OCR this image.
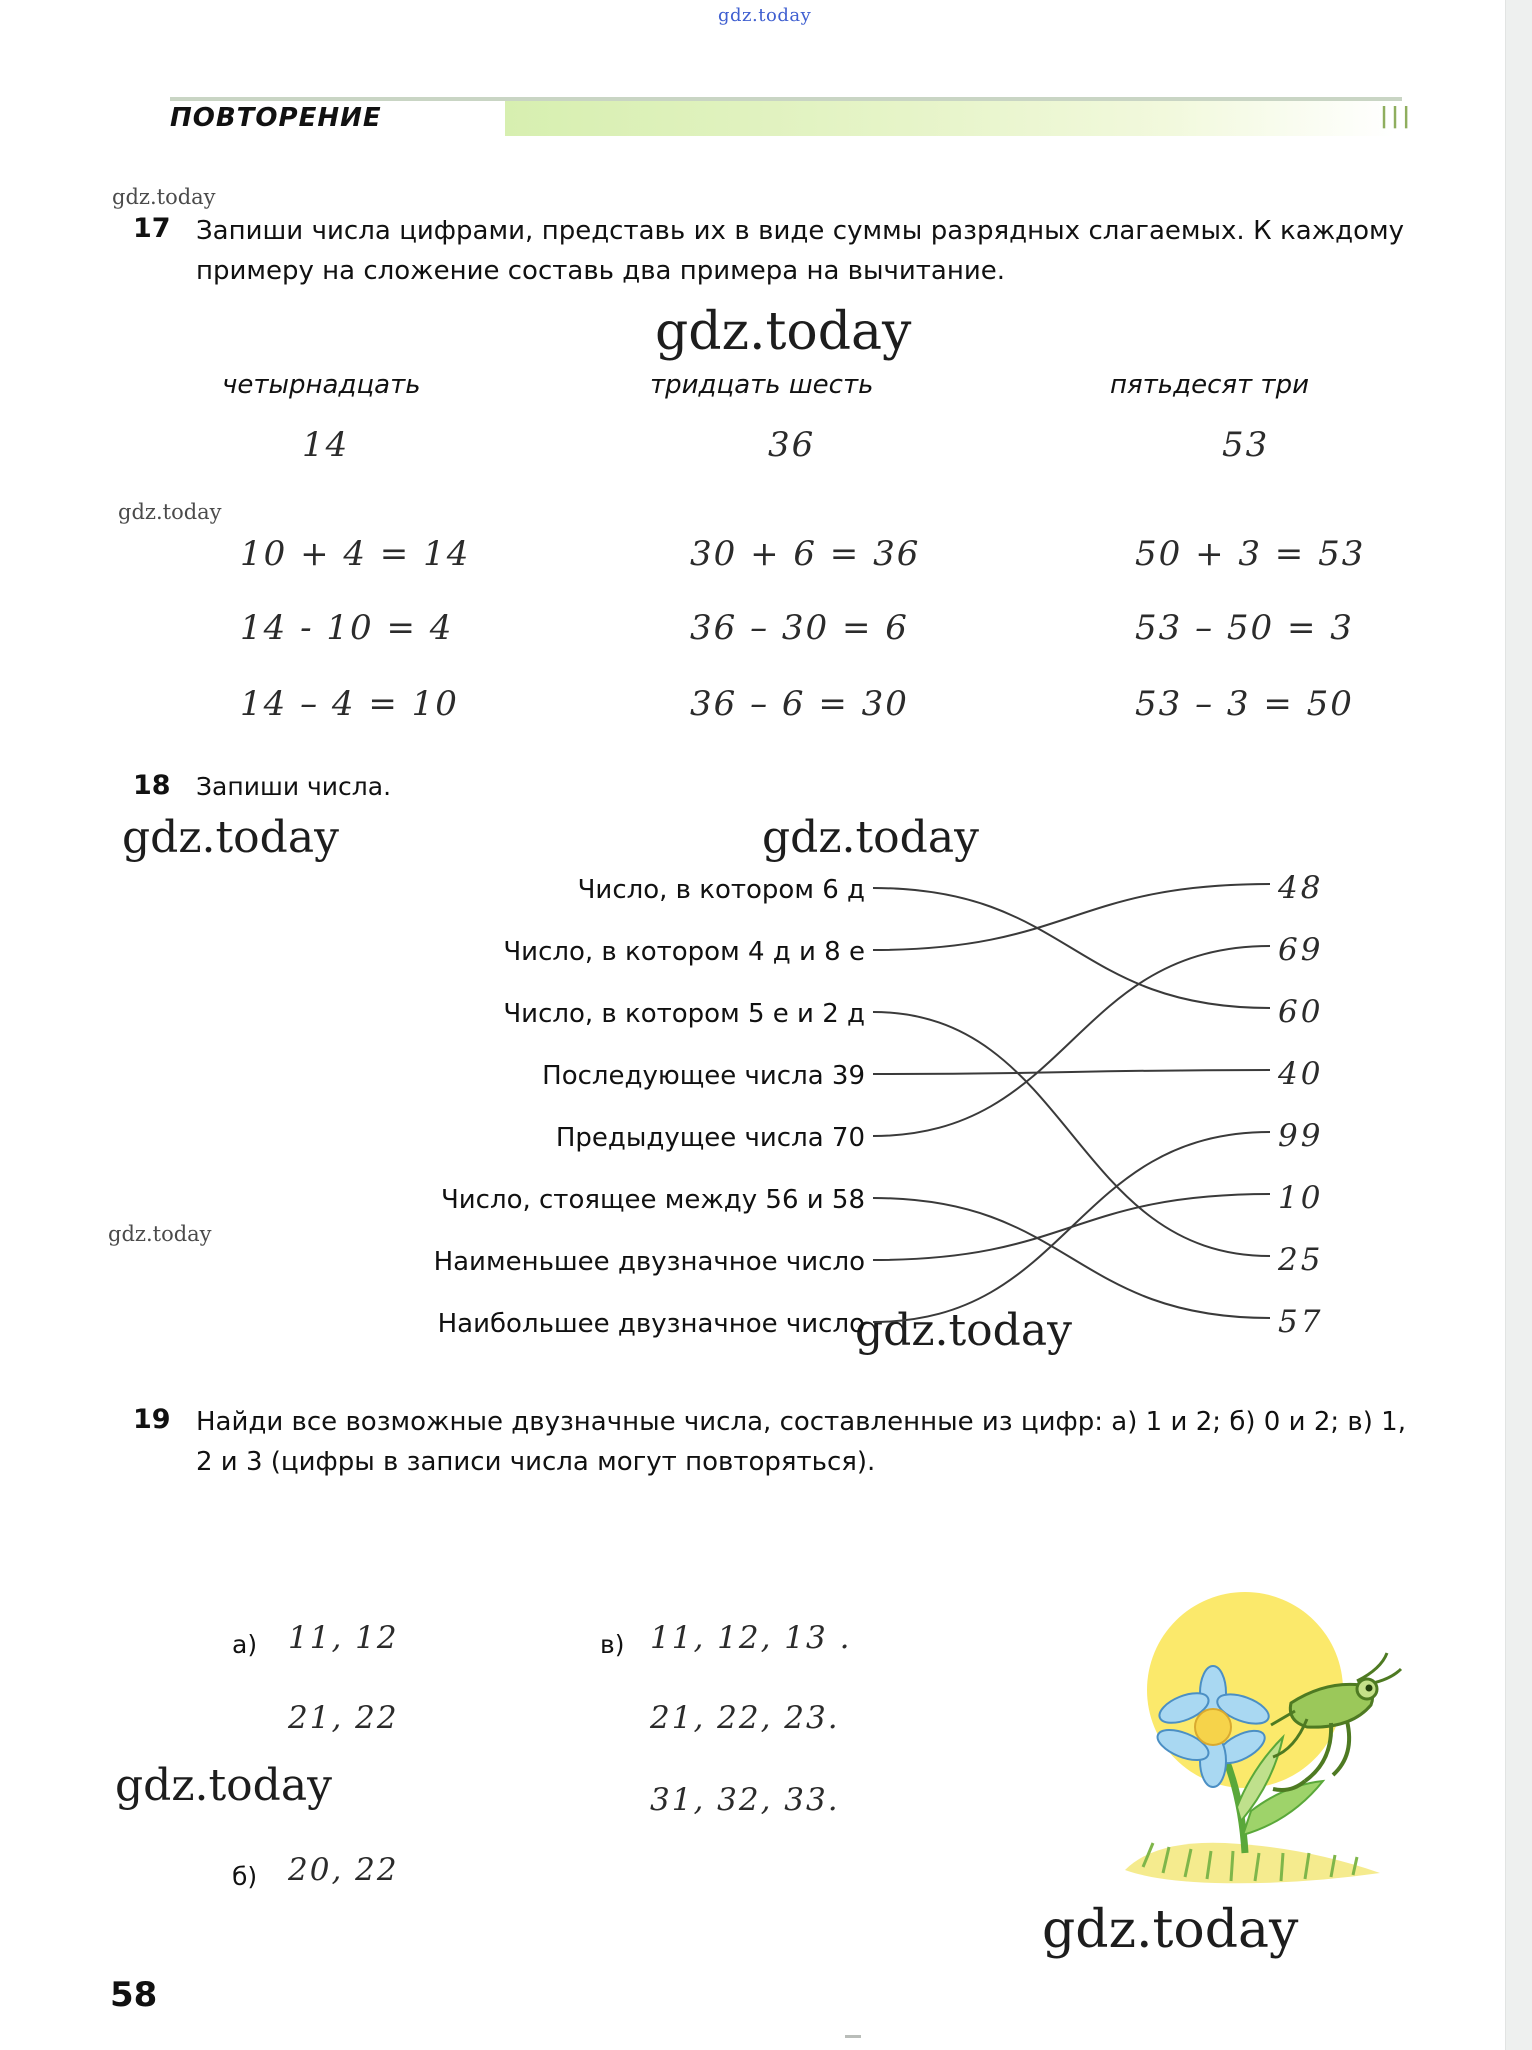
gdz.today
ПОВТОРЕНИЕ	|||
gdz.today
17 Запиши числа цифрами, представь их в виде суммы разрядных слагаемых. К каждому примеру на сложение составь два примера на вычитание.
gdz.today
четырнадцать	тридцать шесть	пятьдесят три
14	36	53
gdz.today
10 + 4 = 14
14 - 10 = 4
14 – 4 = 10
30 + 6 = 36
36 – 30 = 6
36 – 6 = 30
50 + 3 = 53
53 – 50 = 3
53 – 3 = 50
18 Запиши числа.
gdz.today	gdz.today
gdz.today
gdz.today
Число, в котором 6 д
Число, в котором 4 д и 8 е
Число, в котором 5 е и 2 д
Последующее числа 39
Предыдущее числа 70
Число, стоящее между 56 и 58
Наименьшее двузначное число
Наибольшее двузначное число
48
69
60
40
99
10
25
57
19 Найди все возможные двузначные числа, составленные из цифр: а) 1 и 2; б) 0 и 2; в) 1, 2 и 3 (цифры в записи числа могут повторяться).
а) 11, 12
21, 22
в) 11, 12, 13 .
21, 22, 23.
31, 32, 33.
gdz.today
б) 20, 22
gdz.today
58
